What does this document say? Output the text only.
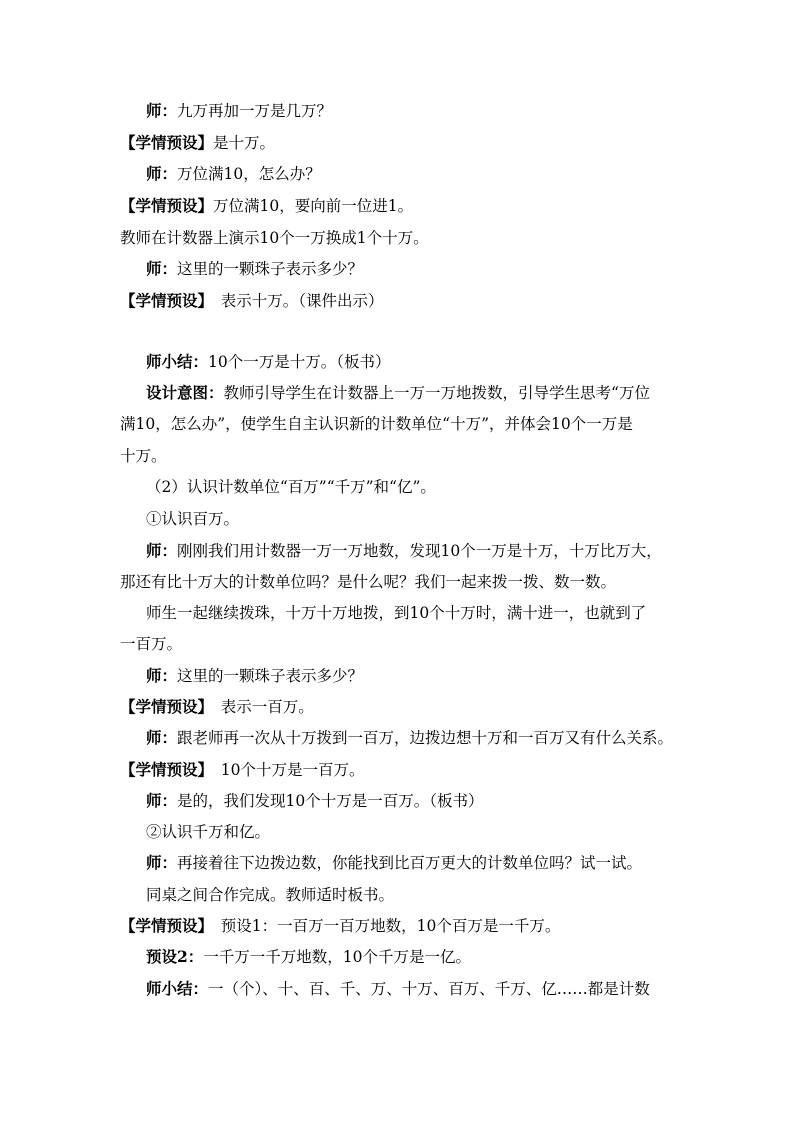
师：九万再加一万是几万？
【学情预设】是十万。
师：万位满10，怎么办？
【学情预设】万位满10，要向前一位进1。
教师在计数器上演示10个一万换成1个十万。
师：这里的一颗珠子表示多少？
【学情预设】　表示十万。（课件出示）
师小结：10个一万是十万。（板书）
设计意图：教师引导学生在计数器上一万一万地拨数，引导学生思考“万位
满10，怎么办”，使学生自主认识新的计数单位“十万”，并体会10个一万是
十万。
（2）认识计数单位“百万”“千万”和“亿”。
①认识百万。
师：刚刚我们用计数器一万一万地数，发现10个一万是十万，十万比万大，
那还有比十万大的计数单位吗？是什么呢？我们一起来拨一拨、数一数。
师生一起继续拨珠，十万十万地拨，到10个十万时，满十进一，也就到了
一百万。
师：这里的一颗珠子表示多少？
【学情预设】　表示一百万。
师：跟老师再一次从十万拨到一百万，边拨边想十万和一百万又有什么关系。
【学情预设】　10个十万是一百万。
师：是的，我们发现10个十万是一百万。（板书）
②认识千万和亿。
师：再接着往下边拨边数，你能找到比百万更大的计数单位吗？试一试。
同桌之间合作完成。教师适时板书。
【学情预设】　预设1：一百万一百万地数，10个百万是一千万。
预设2：一千万一千万地数，10个千万是一亿。
师小结：一（个）、十、百、千、万、十万、百万、千万、亿……都是计数
